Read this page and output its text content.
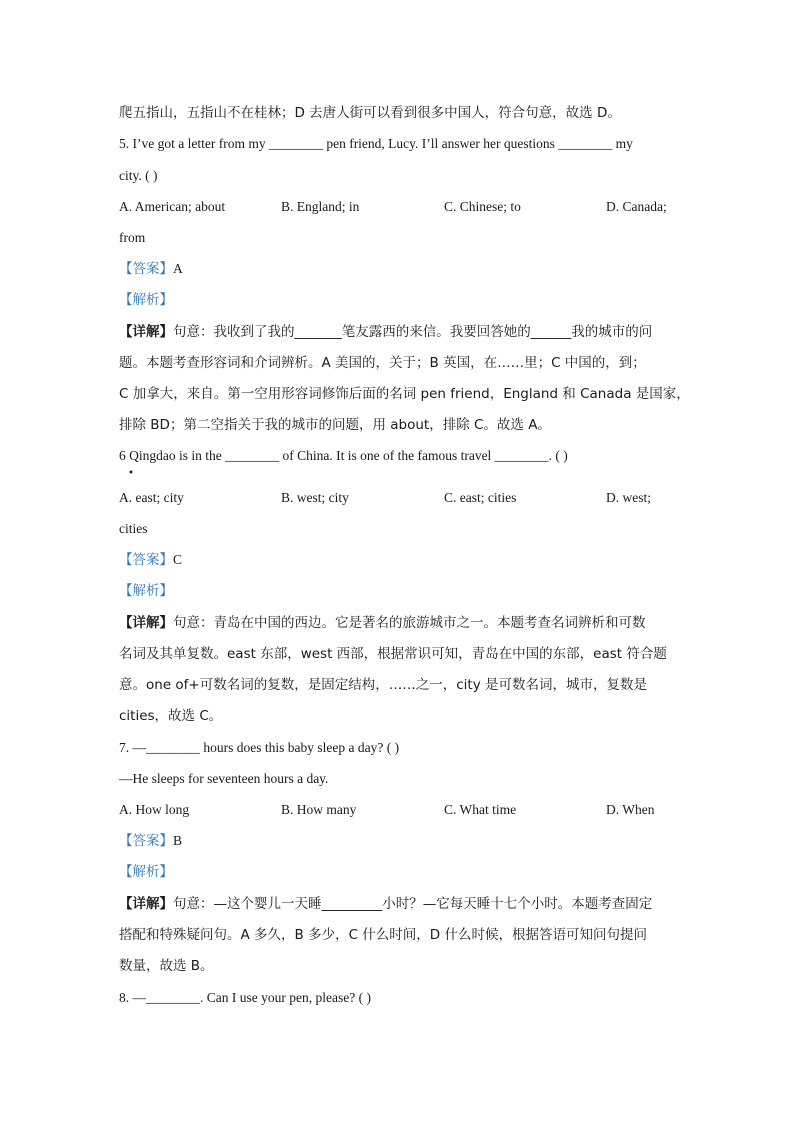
爬五指山，五指山不在桂林；D 去唐人街可以看到很多中国人，符合句意，故选 D。
5. I’ve got a letter from my ________ pen friend, Lucy. I’ll answer her questions ________ my
city. ( )
A. American; about	B. England; in	C. Chinese; to	D. Canada;
from
【答案】A
【解析】
【详解】句意：我收到了我的_______笔友露西的来信。我要回答她的______我的城市的问
题。本题考查形容词和介词辨析。A 美国的，关于；B 英国，在……里；C 中国的，到；
C 加拿大，来自。第一空用形容词修饰后面的名词 pen friend，England 和 Canada 是国家，
排除 BD；第二空指关于我的城市的问题，用 about，排除 C。故选 A。
6 Qingdao is in the ________ of China. It is one of the famous travel ________. ( )
•
A. east; city	B. west; city	C. east; cities	D. west;
cities
【答案】C
【解析】
【详解】句意：青岛在中国的西边。它是著名的旅游城市之一。本题考查名词辨析和可数
名词及其单复数。east 东部，west 西部，根据常识可知，青岛在中国的东部，east 符合题
意。one of+可数名词的复数，是固定结构，……之一，city 是可数名词，城市，复数是
cities，故选 C。
7. —________ hours does this baby sleep a day? ( )
—He sleeps for seventeen hours a day.
A. How long	B. How many	C. What time	D. When
【答案】B
【解析】
【详解】句意：—这个婴儿一天睡_________小时？—它每天睡十七个小时。本题考查固定
搭配和特殊疑问句。A 多久，B 多少，C 什么时间，D 什么时候，根据答语可知问句提问
数量，故选 B。
8. —________. Can I use your pen, please? ( )
